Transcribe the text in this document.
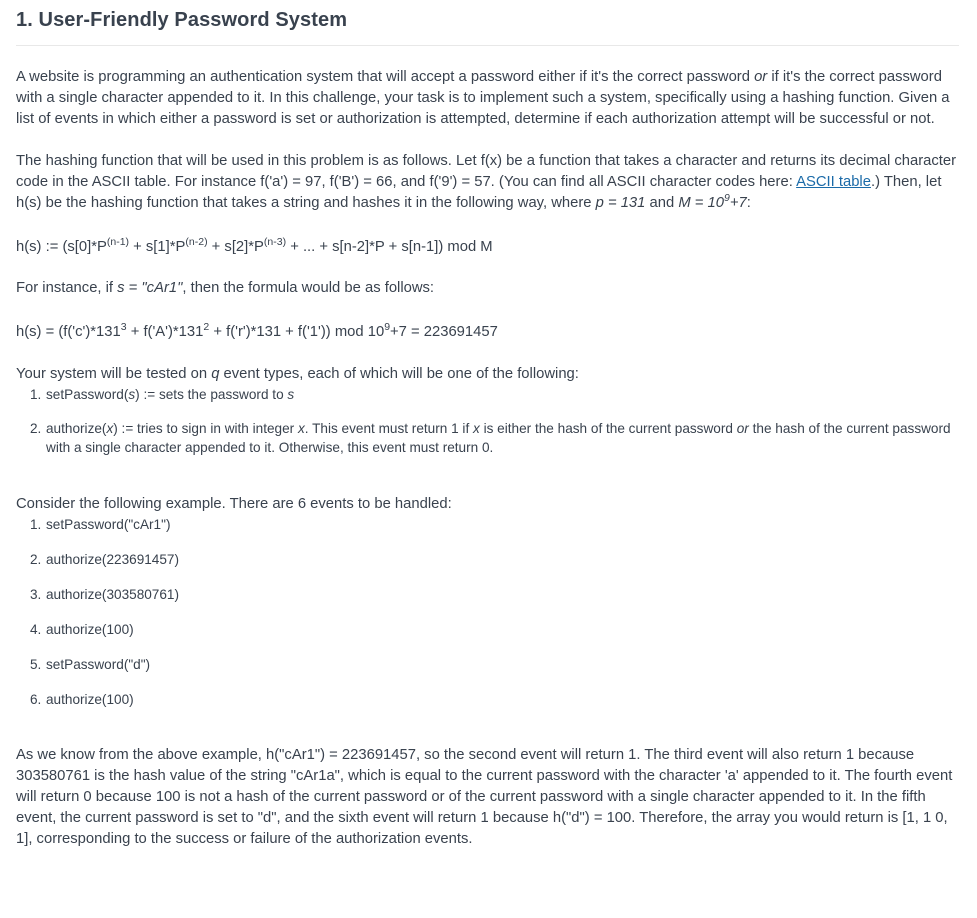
1. User-Friendly Password System

A website is programming an authentication system that will accept a password either if it's the correct password or if it's the correct password with a single character appended to it. In this challenge, your task is to implement such a system, specifically using a hashing function. Given a list of events in which either a password is set or authorization is attempted, determine if each authorization attempt will be successful or not.

The hashing function that will be used in this problem is as follows. Let f(x) be a function that takes a character and returns its decimal character code in the ASCII table. For instance f('a') = 97, f('B') = 66, and f('9') = 57. (You can find all ASCII character codes here: ASCII table.) Then, let h(s) be the hashing function that takes a string and hashes it in the following way, where p = 131 and $M = 10^9+7$:

h(s) := ($s[0]*P^{(n-1)} + s[1]*P^{(n-2)} + s[2]*P^{(n-3)}$ + ... + s[n-2]*P + s[n-1]) mod M

For instance, if s = "cAr1", then the formula would be as follows:

$h(s) = (f('c')*131^3 + f('A')*131^2 + f('r')*131 + f('1'))$ mod $10^9+7 = 223691457$

Your system will be tested on q event types, each of which will be one of the following:

1. setPassword(s) := sets the password to s
2. authorize(x) := tries to sign in with integer x. This event must return 1 if x is either the hash of the current password or the hash of the current password with a single character appended to it. Otherwise, this event must return 0.

Consider the following example. There are 6 events to be handled:

1. setPassword("cAr1")
2. authorize(223691457)
3. authorize(303580761)
4. authorize(100)
5. setPassword("d")
6. authorize(100)

As we know from the above example, h("cAr1") = 223691457, so the second event will return 1. The third event will also return 1 because 303580761 is the hash value of the string "cAr1a", which is equal to the current password with the character 'a' appended to it. The fourth event will return 0 because 100 is not a hash of the current password or of the current password with a single character appended to it. In the fifth event, the current password is set to "d", and the sixth event will return 1 because h("d") = 100. Therefore, the array you would return is [1, 1 0, 1], corresponding to the success or failure of the authorization events.
